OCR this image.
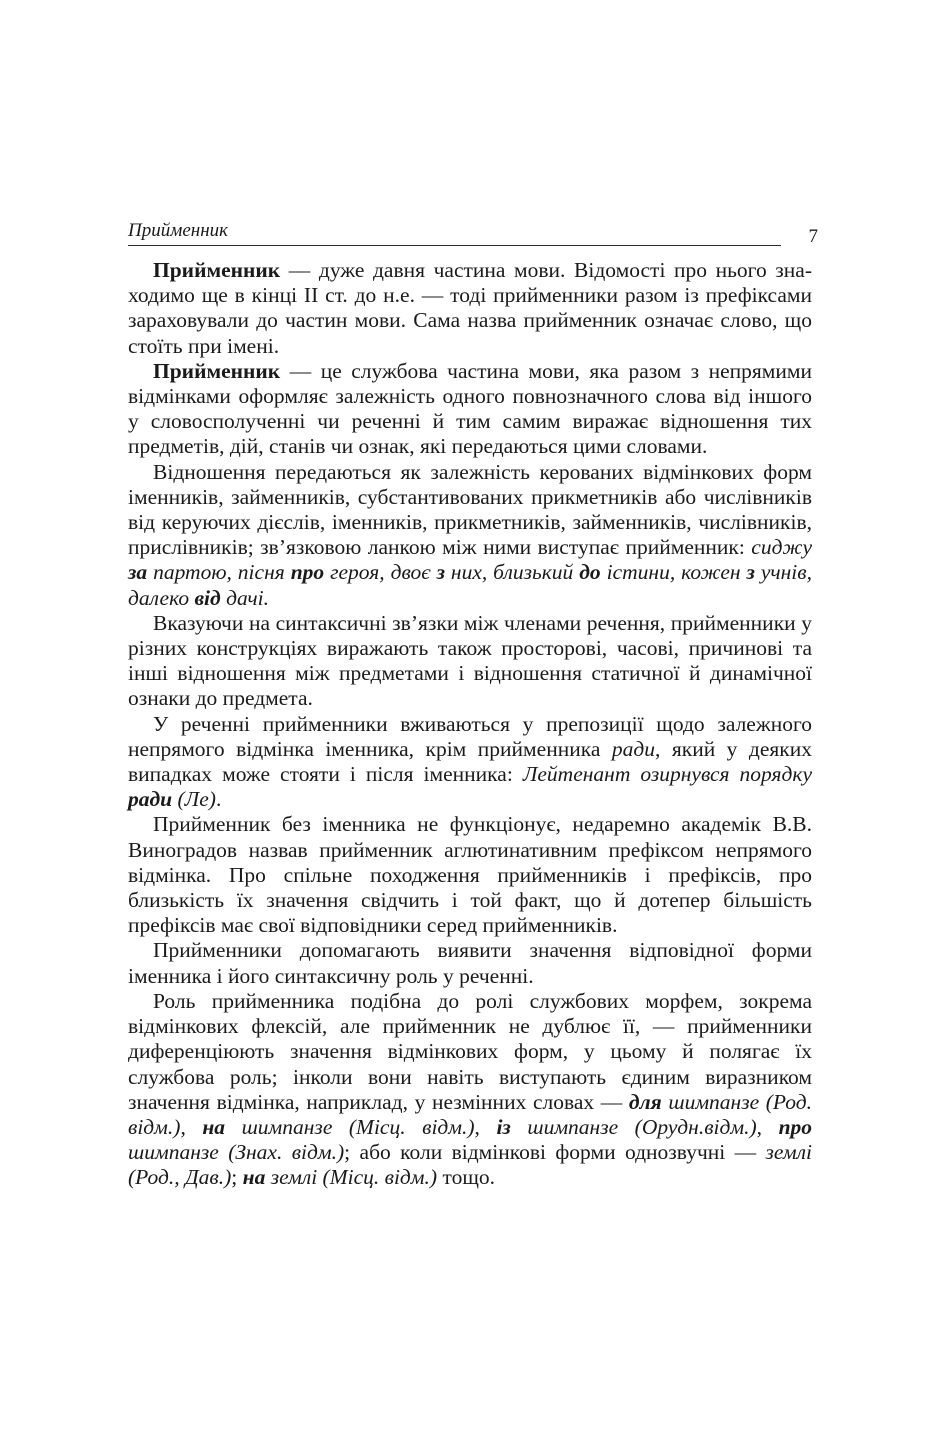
Прийменник	7

Прийменник — дуже давня частина мови. Відомості про нього знаходимо ще в кінці II ст. до н.е. — тоді прийменники разом із префіксами зараховували до частин мови. Сама назва прийменник означає слово, що стоїть при імені.

Прийменник — це службова частина мови, яка разом з непрямими відмінками оформляє залежність одного повнозначного слова від іншого у словосполученні чи реченні й тим самим виражає відношення тих предметів, дій, станів чи ознак, які передаються цими словами.

Відношення передаються як залежність керованих відмінкових форм іменників, займенників, субстантивованих прикметників або числівників від керуючих дієслів, іменників, прикметників, займенників, числівників, прислівників; зв’язковою ланкою між ними виступає прийменник: сиджу за партою, пісня про героя, двоє з них, близький до істини, кожен з учнів, далеко від дачі.

Вказуючи на синтаксичні зв’язки між членами речення, прийменники у різних конструкціях виражають також просторові, часові, причинові та інші відношення між предметами і відношення статичної й динамічної ознаки до предмета.

У реченні прийменники вживаються у препозиції щодо залежного непрямого відмінка іменника, крім прийменника ради, який у деяких випадках може стояти і після іменника: Лейтенант озирнувся порядку ради (Ле).

Прийменник без іменника не функціонує, недаремно академік В.В. Виноградов назвав прийменник аглютинативним префіксом непрямого відмінка. Про спільне походження прийменників і префіксів, про близькість їх значення свідчить і той факт, що й дотепер більшість префіксів має свої відповідники серед прийменників.

Прийменники допомагають виявити значення відповідної форми іменника і його синтаксичну роль у реченні.

Роль прийменника подібна до ролі службових морфем, зокрема відмінкових флексій, але прийменник не дублює її, — прийменники диференціюють значення відмінкових форм, у цьому й полягає їх службова роль; інколи вони навіть виступають єдиним виразником значення відмінка, наприклад, у незмінних словах — для шимпанзе (Род. відм.), на шимпанзе (Місц. відм.), із шимпанзе (Орудн.відм.), про шимпанзе (Знах. відм.); або коли відмінкові форми однозвучні — землі (Род., Дав.); на землі (Місц. відм.) тощо.
